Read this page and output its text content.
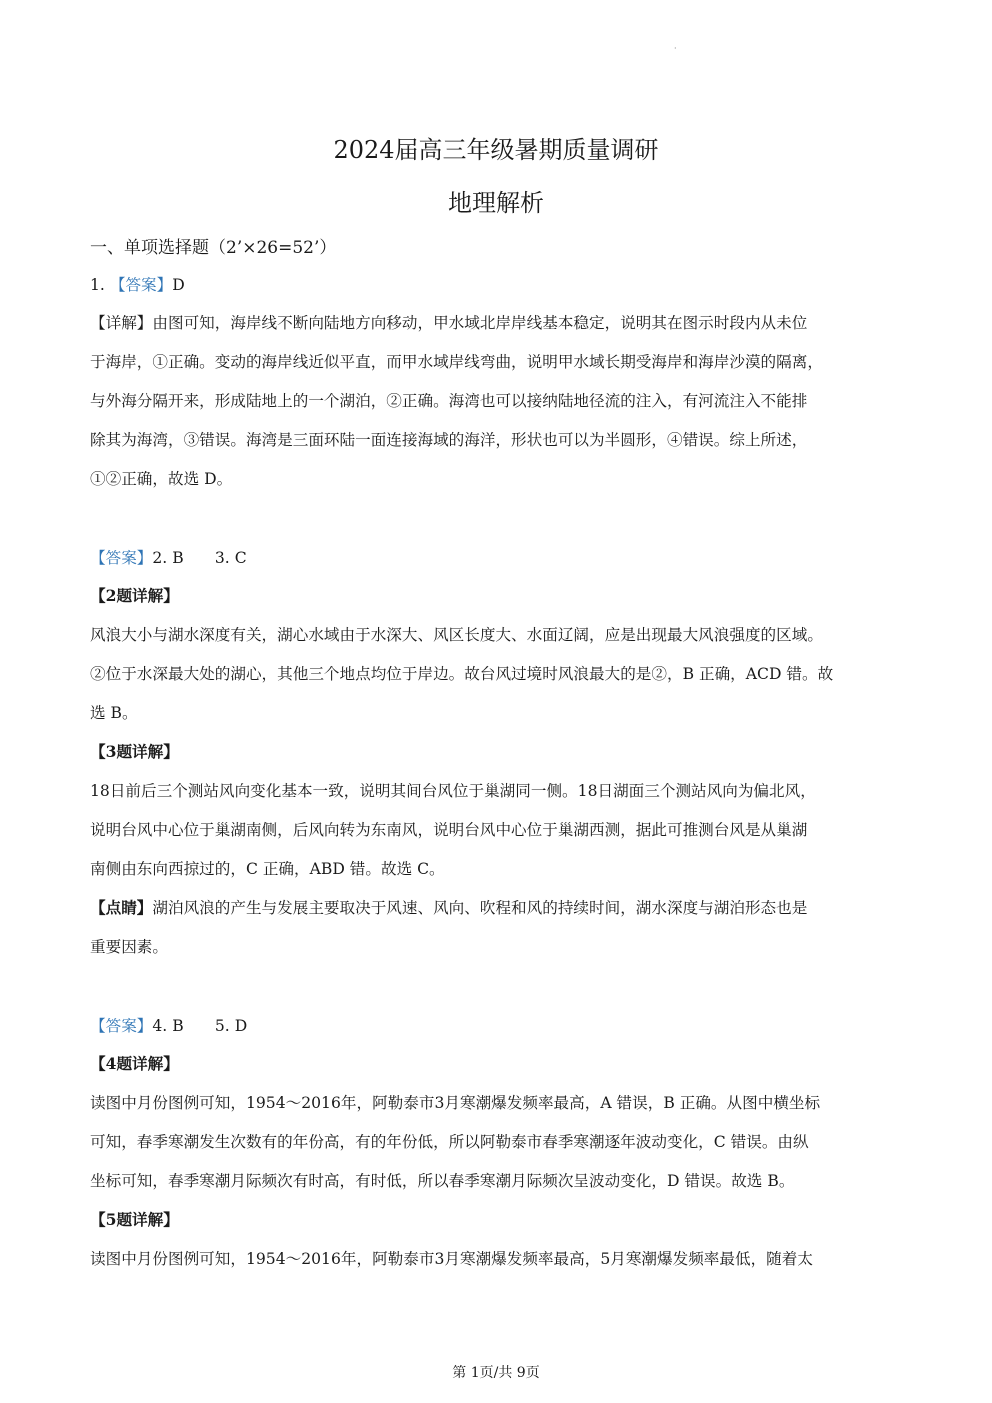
·
2024届高三年级暑期质量调研
地理解析
一、单项选择题（2’×26=52’）
1. 【答案】D
【详解】由图可知，海岸线不断向陆地方向移动，甲水域北岸岸线基本稳定，说明其在图示时段内从未位
于海岸，①正确。变动的海岸线近似平直，而甲水域岸线弯曲，说明甲水域长期受海岸和海岸沙漠的隔离，
与外海分隔开来，形成陆地上的一个湖泊，②正确。海湾也可以接纳陆地径流的注入，有河流注入不能排
除其为海湾，③错误。海湾是三面环陆一面连接海域的海洋，形状也可以为半圆形，④错误。综上所述，
①②正确，故选 D。
【答案】2. B　　3. C
【2题详解】
风浪大小与湖水深度有关，湖心水域由于水深大、风区长度大、水面辽阔，应是出现最大风浪强度的区域。
②位于水深最大处的湖心，其他三个地点均位于岸边。故台风过境时风浪最大的是②，B 正确，ACD 错。故
选 B。
【3题详解】
18日前后三个测站风向变化基本一致，说明其间台风位于巢湖同一侧。18日湖面三个测站风向为偏北风，
说明台风中心位于巢湖南侧，后风向转为东南风，说明台风中心位于巢湖西测，据此可推测台风是从巢湖
南侧由东向西掠过的，C 正确，ABD 错。故选 C。
【点睛】湖泊风浪的产生与发展主要取决于风速、风向、吹程和风的持续时间，湖水深度与湖泊形态也是
重要因素。
【答案】4. B　　5. D
【4题详解】
读图中月份图例可知，1954～2016年，阿勒泰市3月寒潮爆发频率最高，A 错误，B 正确。从图中横坐标
可知，春季寒潮发生次数有的年份高，有的年份低，所以阿勒泰市春季寒潮逐年波动变化，C 错误。由纵
坐标可知，春季寒潮月际频次有时高，有时低，所以春季寒潮月际频次呈波动变化，D 错误。故选 B。
【5题详解】
读图中月份图例可知，1954～2016年，阿勒泰市3月寒潮爆发频率最高，5月寒潮爆发频率最低，随着太
第 1页/共 9页
